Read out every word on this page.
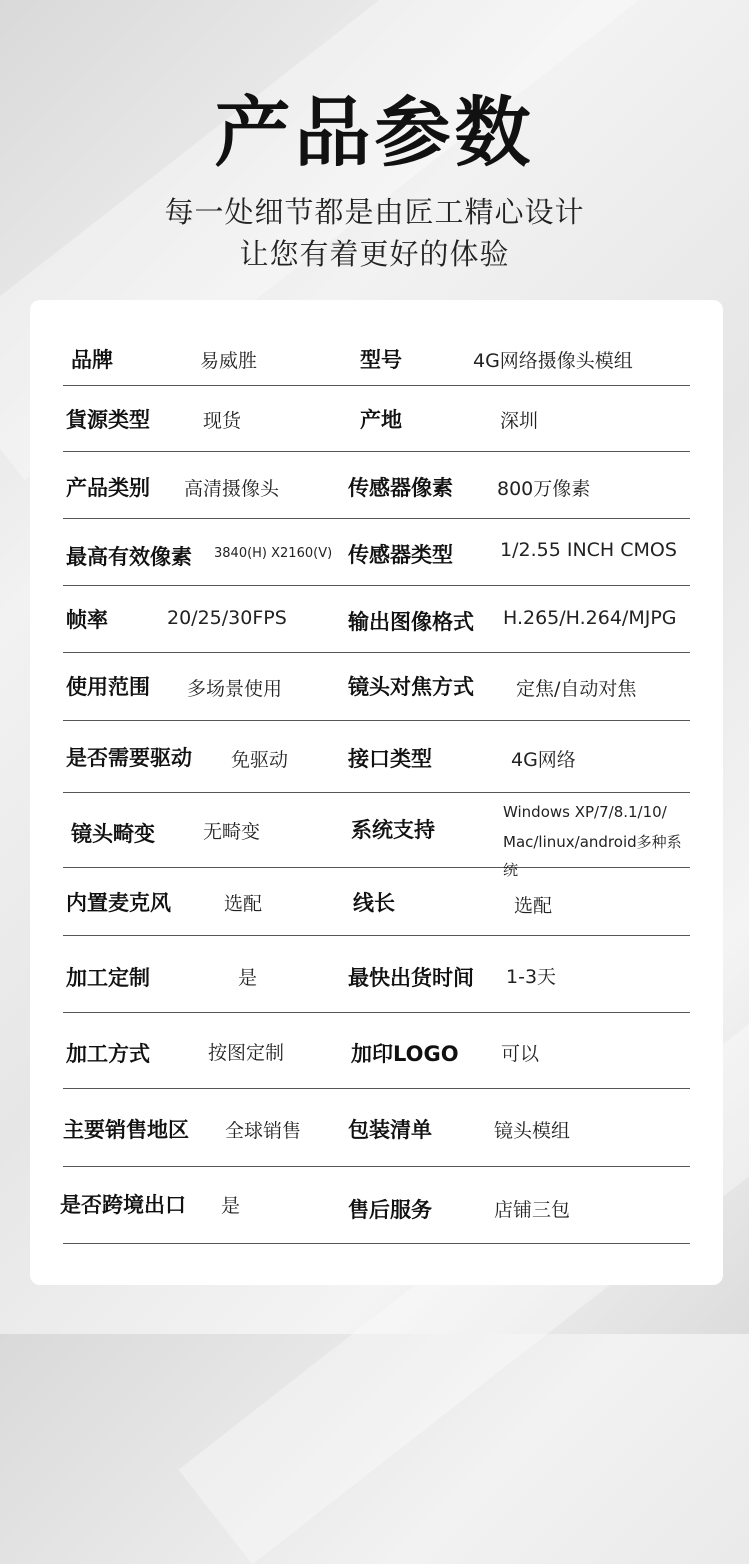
产品参数
每一处细节都是由匠工精心设计
让您有着更好的体验
品牌	易威胜	型号	4G网络摄像头模组
貨源类型	现货	产地	深圳
产品类别 高清摄像头	传感器像素 800万像素
最高有效像素 3840(H) X2160(V) 传感器类型 1/2.55 INCH CMOS
帧率	20/25/30FPS	输出图像格式 H.265/H.264/MJPG
使用范围 多场景使用	镜头对焦方式 定焦/自动对焦
是否需要驱动 免驱动	接口类型	4G网络
镜头畸变	无畸变	系统支持
Windows XP/7/8.1/10/
Mac/linux/android多种系统
内置麦克风	选配	线长	选配
加工定制	是	最快出货时间 1-3天
加工方式	按图定制	加印LOGO 可以
主要销售地区 全球销售 包装清单	镜头模组
是否跨境出口 是	售后服务	店铺三包
